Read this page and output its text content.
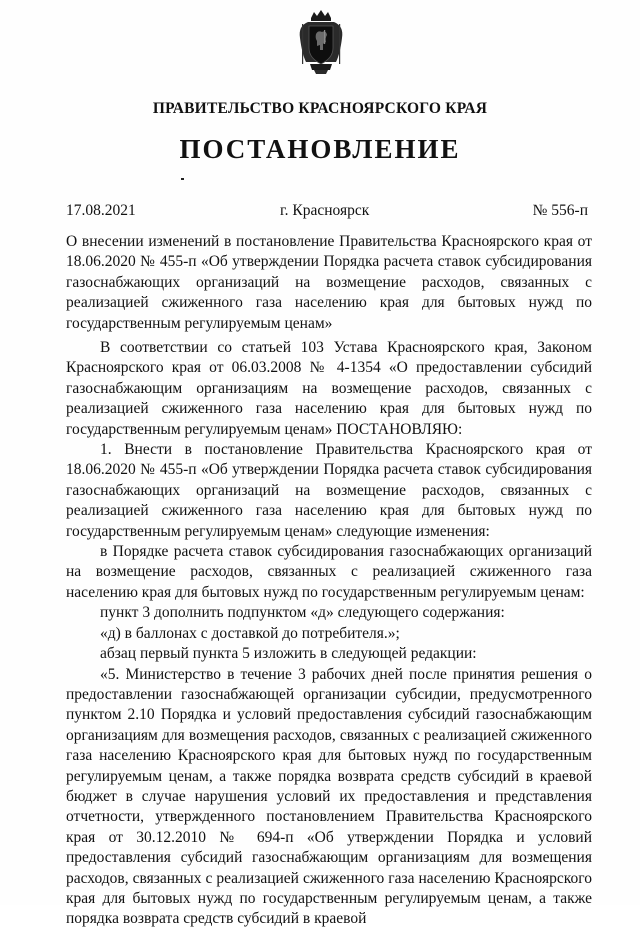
ПРАВИТЕЛЬСТВО КРАСНОЯРСКОГО КРАЯ
ПОСТАНОВЛЕНИЕ
17.08.2021	г. Красноярск	№ 556-п
О внесении изменений в постановление Правительства Красноярского края от 18.06.2020 № 455-п «Об утверждении Порядка расчета ставок субсидирования газоснабжающих организаций на возмещение расходов, связанных с реализацией сжиженного газа населению края для бытовых нужд по государственным регулируемым ценам»

В соответствии со статьей 103 Устава Красноярского края, Законом Красноярского края от 06.03.2008 № 4-1354 «О предоставлении субсидий газоснабжающим организациям на возмещение расходов, связанных с реализацией сжиженного газа населению края для бытовых нужд по государственным регулируемым ценам» ПОСТАНОВЛЯЮ:

1. Внести в постановление Правительства Красноярского края от 18.06.2020 № 455-п «Об утверждении Порядка расчета ставок субсидирования газоснабжающих организаций на возмещение расходов, связанных с реализацией сжиженного газа населению края для бытовых нужд по государственным регулируемым ценам» следующие изменения:

в Порядке расчета ставок субсидирования газоснабжающих организаций на возмещение расходов, связанных с реализацией сжиженного газа населению края для бытовых нужд по государственным регулируемым ценам:

пункт 3 дополнить подпунктом «д» следующего содержания:

«д) в баллонах с доставкой до потребителя.»;

абзац первый пункта 5 изложить в следующей редакции:

«5. Министерство в течение 3 рабочих дней после принятия решения о предоставлении газоснабжающей организации субсидии, предусмотренного пунктом 2.10 Порядка и условий предоставления субсидий газоснабжающим организациям для возмещения расходов, связанных с реализацией сжиженного газа населению Красноярского края для бытовых нужд по государственным регулируемым ценам, а также порядка возврата средств субсидий в краевой бюджет в случае нарушения условий их предоставления и представления отчетности, утвержденного постановлением Правительства Красноярского края от 30.12.2010 № 694-п «Об утверждении Порядка и условий предоставления субсидий газоснабжающим организациям для возмещения расходов, связанных с реализацией сжиженного газа населению Красноярского края для бытовых нужд по государственным регулируемым ценам, а также порядка возврата средств субсидий в краевой
